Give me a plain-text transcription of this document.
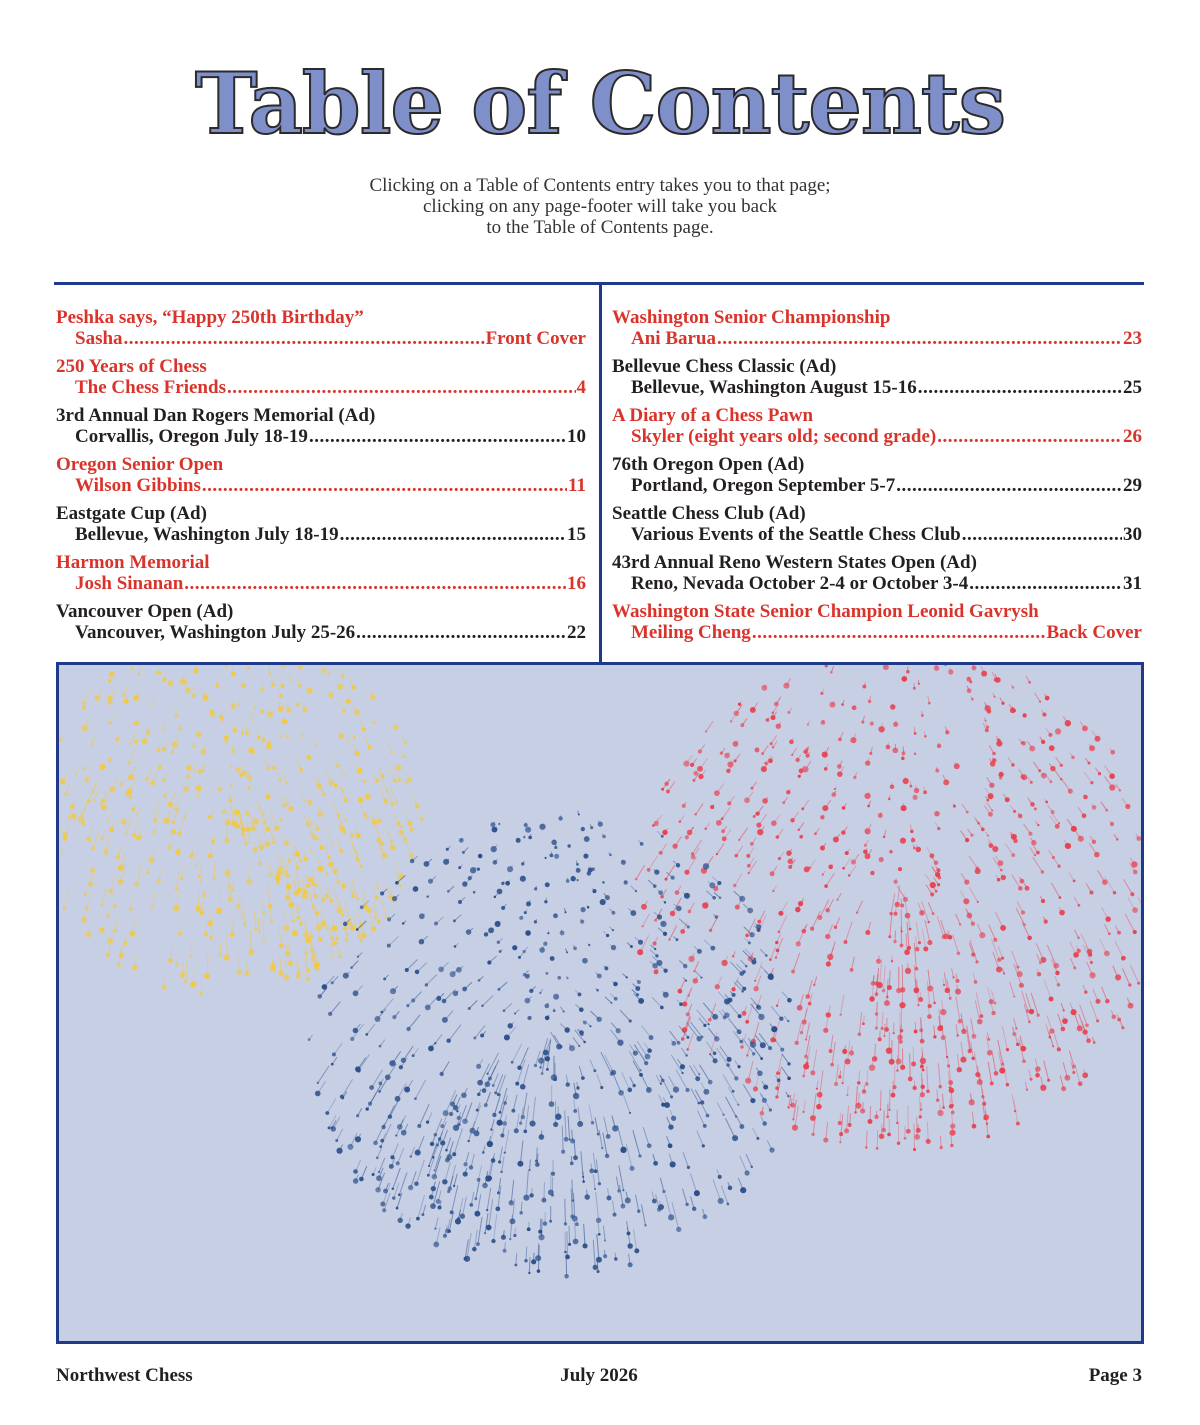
Table of Contents
Clicking on a Table of Contents entry takes you to that page;
clicking on any page-footer will take you back
to the Table of Contents page.
Peshka says, “Happy 250th Birthday”
Sasha .....	Front Cover
250 Years of Chess
The Chess Friends .....	4
3rd Annual Dan Rogers Memorial (Ad)
Corvallis, Oregon July 18-19 .....	10
Oregon Senior Open
Wilson Gibbins .....	11
Eastgate Cup (Ad)
Bellevue, Washington July 18-19 .....	15
Harmon Memorial
Josh Sinanan .....	16
Vancouver Open (Ad)
Vancouver, Washington July 25-26 .....	22
Washington Senior Championship
Ani Barua .....	23
Bellevue Chess Classic (Ad)
Bellevue, Washington August 15-16 .....	25
A Diary of a Chess Pawn
Skyler (eight years old; second grade) .....	26
76th Oregon Open (Ad)
Portland, Oregon September 5-7 .....	29
Seattle Chess Club (Ad)
Various Events of the Seattle Chess Club .....	30
43rd Annual Reno Western States Open (Ad)
Reno, Nevada October 2-4 or October 3-4 .....	31
Washington State Senior Champion Leonid Gavrysh
Meiling Cheng .....	Back Cover
Northwest Chess	July 2026	Page 3
